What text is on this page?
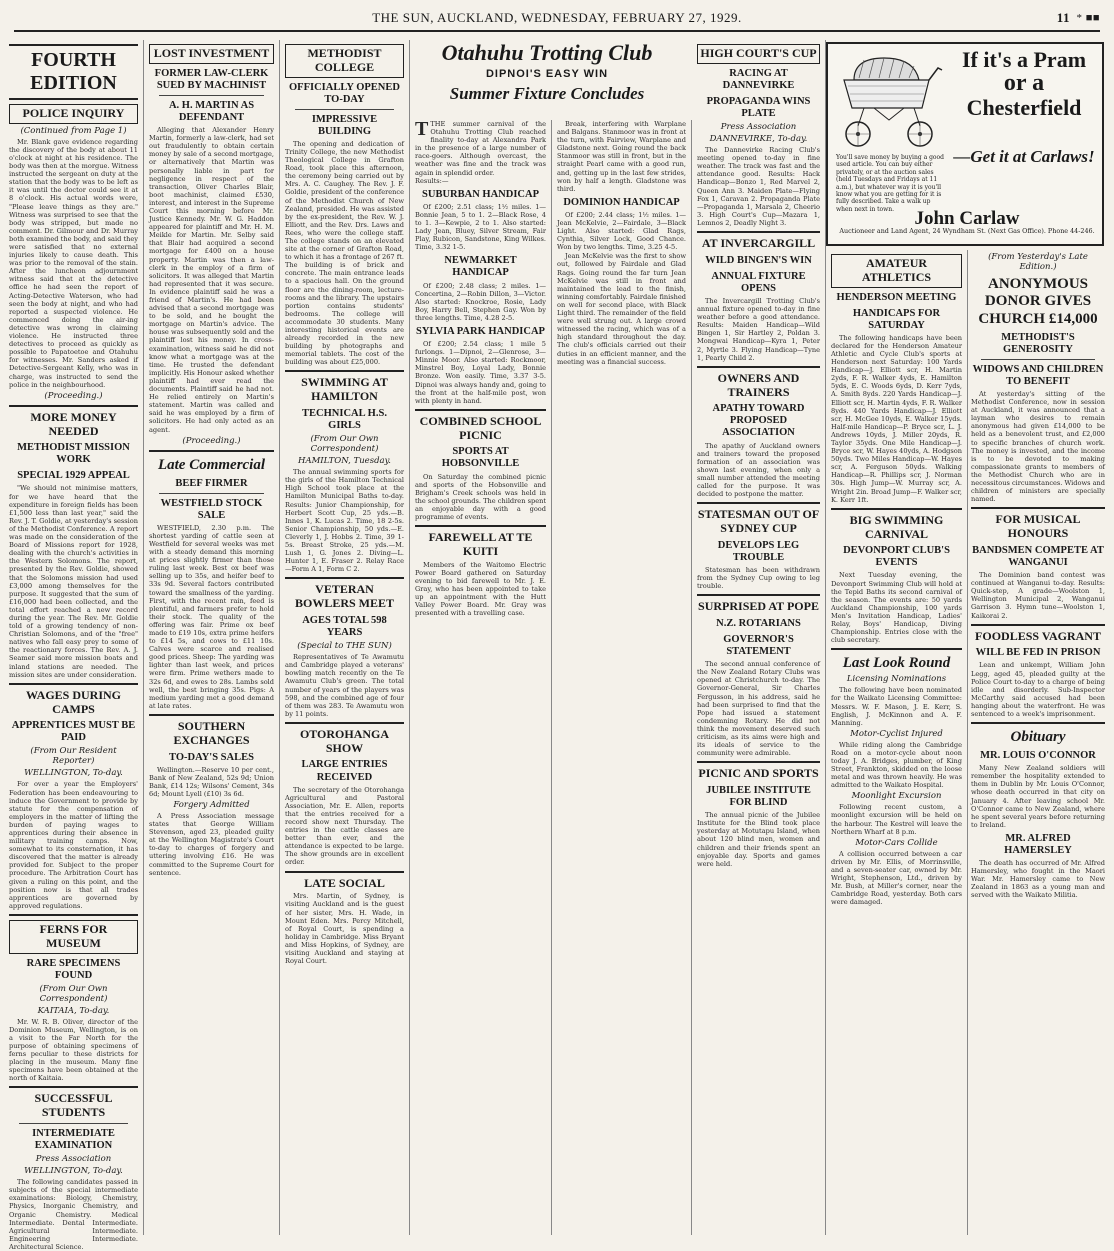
THE SUN, AUCKLAND, WEDNESDAY, FEBRUARY 27, 1929.	11 * ■■
FOURTH EDITION
POLICE INQUIRY
(Continued from Page 1)

Mr. Blank gave evidence regarding the discovery of the body at about 11 o'clock at night at his residence. The body was then at the morgue. Witness instructed the sergeant on duty at the station that the body was to be left as it was until the doctor could see it at 8 o'clock. His actual words were, "Please leave things as they are." Witness was surprised to see that the body was stripped, but made no comment. Dr. Gilmour and Dr. Murray both examined the body, and said they were satisfied that no external injuries likely to cause death. This was prior to the removal of the stain. After the luncheon adjournment witness said that at the detective office he had seen the report of Acting-Detective Waterson, who had seen the body at night, and who had reported a suspected violence. He commenced doing the air-ing detective was wrong in claiming violence. He instructed three detectives to proceed as quickly as possible to Papatoetoe and Otahuhu for witnesses. Mr. Sanders asked if Detective-Sergeant Kelly, who was in charge, was instructed to send the police in the neighbourhood.

(Proceeding.)
MORE MONEY NEEDED
METHODIST MISSION WORK
SPECIAL 1929 APPEAL

"We should not minimise matters, for we have heard that the expenditure in foreign fields has been £1,500 less than last year," said the Rev. J. T. Goldie, at yesterday's session of the Methodist Conference. A report was made on the consideration of the Board of Missions report for 1928, dealing with the church's activities in the Western Solomons. The report, presented by the Rev. Goldie, showed that the Solomons mission had used £3,000 among themselves for the purpose. It suggested that the sum of £16,000 had been collected, and the total effort reached a new record during the year. The Rev. Mr. Goldie told of a growing tendency of non-Christian Solomons, and of the "free" natives who fall easy prey to some of the reactionary forces. The Rev. A. J. Seamer said more mission boats and inland stations are needed. The mission sites are under consideration.

WAGES DURING CAMPS
APPRENTICES MUST BE PAID
(From Our Resident Reporter)
WELLINGTON, To-day.

For over a year the Employers' Federation has been endeavouring to induce the Government to provide by statute for the compensation of employers in the matter of lifting the burden of paying wages to apprentices during their absence in military training camps. Now, somewhat to its consternation, it has discovered that the matter is already provided for. Subject to the proper procedure. The Arbitration Court has given a ruling on this point, and the position now is that all trades apprentices are governed by approved regulations.

FERNS FOR MUSEUM
RARE SPECIMENS FOUND
(From Our Own Correspondent)
KAITAIA, To-day.

Mr. W. R. B. Oliver, director of the Dominion Museum, Wellington, is on a visit to the Far North for the purpose of obtaining specimens of ferns peculiar to these districts for placing in the museum. Many fine specimens have been obtained at the north of Kaitaia.

SUCCESSFUL STUDENTS
INTERMEDIATE EXAMINATION
Press Association
WELLINGTON, To-day.

The following candidates passed in subjects of the special intermediate examinations: Biology, Chemistry, Physics, Inorganic Chemistry, and Organic Chemistry. Medical Intermediate. Dental Intermediate. Agricultural Intermediate. Engineering Intermediate. Architectural Science.

LOST INVESTMENT
FORMER LAW-CLERK SUED BY MACHINIST
A. H. MARTIN AS DEFENDANT

Alleging that Alexander Henry Martin, formerly a law-clerk, had set out fraudulently to obtain certain money by sale of a second mortgage, or alternatively that Martin was personally liable in part for negligence in respect of the transaction, Oliver Charles Blair, boot machinist, claimed £530, interest, and interest in the Supreme Court this morning before Mr. Justice Kennedy. Mr. W. G. Haddon appeared for plaintiff and Mr. H. M. Meikle for Martin. Mr. Selby said that Blair had acquired a second mortgage for £400 on a house property. Martin was then a law-clerk in the employ of a firm of solicitors. It was alleged that Martin had represented that it was secure. In evidence plaintiff said he was a friend of Martin's. He had been advised that a second mortgage was to be sold, and he bought the mortgage on Martin's advice. The house was subsequently sold and the plaintiff lost his money. In cross-examination, witness said he did not know what a mortgage was at the time. He trusted the defendant implicitly. His Honour asked whether plaintiff had ever read the documents. Plaintiff said he had not. He relied entirely on Martin's statement. Martin was called and said he was employed by a firm of solicitors. He had only acted as an agent.

(Proceeding.)
Late Commercial
BEEF FIRMER
WESTFIELD STOCK SALE

WESTFIELD, 2.30 p.m. The shortest yarding of cattle seen at Westfield for several weeks was met with a steady demand this morning at prices slightly firmer than those ruling last week. Best ox beef was selling up to 35s, and heifer beef to 33s 9d. Several factors contributed toward the smallness of the yarding. First, with the recent rain, feed is plentiful, and farmers prefer to hold their stock. The quality of the offering was fair. Prime ox beef made to £19 10s, extra prime heifers to £14 5s, and cows to £11 10s. Calves were scarce and realised good prices. Sheep: The yarding was lighter than last week, and prices were firm. Prime wethers made to 32s 6d, and ewes to 28s. Lambs sold well, the best bringing 35s. Pigs: A medium yarding met a good demand at late rates.

SOUTHERN EXCHANGES
TO-DAY'S SALES

Wellington.—Reserve 10 per cent., Bank of New Zealand, 52s 9d; Union Bank, £14 12s; Wilsons' Cement, 34s 6d; Mount Lyell (£10) 3s 6d.

Forgery Admitted

A Press Association message states that George William Stevenson, aged 23, pleaded guilty at the Wellington Magistrate's Court to-day to charges of forgery and uttering involving £16. He was committed to the Supreme Court for sentence.

METHODIST COLLEGE
OFFICIALLY OPENED TO-DAY
IMPRESSIVE BUILDING

The opening and dedication of Trinity College, the new Methodist Theological College in Grafton Road, took place this afternoon, the ceremony being carried out by Mrs. A. C. Caughey. The Rev. J. F. Goldie, president of the conference of the Methodist Church of New Zealand, presided. He was assisted by the ex-president, the Rev. W. J. Elliott, and the Rev. Drs. Laws and Rees, who were the college staff. The college stands on an elevated site at the corner of Grafton Road, to which it has a frontage of 267 ft. The building is of brick and concrete. The main entrance leads to a spacious hall. On the ground floor are the dining-room, lecture-rooms and the library. The upstairs portion contains students' bedrooms. The college will accommodate 30 students. Many interesting historical events are already recorded in the new building by photographs and memorial tablets. The cost of the building was about £25,000.

SWIMMING AT HAMILTON
TECHNICAL H.S. GIRLS
(From Our Own Correspondent)
HAMILTON, Tuesday.

The annual swimming sports for the girls of the Hamilton Technical High School took place at the Hamilton Municipal Baths to-day. Results: Junior Championship, for Herbert Scott Cup, 25 yds.—B. Innes 1, K. Lucas 2. Time, 18 2-5s. Senior Championship, 50 yds.—E. Cleverly 1, J. Hobbs 2. Time, 39 1-5s. Breast Stroke, 25 yds.—M. Lush 1, G. Jones 2. Diving—L. Hunter 1, E. Fraser 2. Relay Race—Form A 1, Form C 2.

VETERAN BOWLERS MEET
AGES TOTAL 598 YEARS
(Special to THE SUN)

Representatives of Te Awamutu and Cambridge played a veterans' bowling match recently on the Te Awamutu Club's green. The total number of years of the players was 598, and the combined age of four of them was 283. Te Awamutu won by 11 points.

OTOROHANGA SHOW
LARGE ENTRIES RECEIVED

The secretary of the Otorohanga Agricultural and Pastoral Association, Mr. E. Allen, reports that the entries received for a record show next Thursday. The entries in the cattle classes are better than ever, and the attendance is expected to be large. The show grounds are in excellent order.

LATE SOCIAL

Mrs. Martin, of Sydney, is visiting Auckland and is the guest of her sister, Mrs. H. Wade, in Mount Eden. Mrs. Percy Mitchell, of Royal Court, is spending a holiday in Cambridge. Miss Bryant and Miss Hopkins, of Sydney, are visiting Auckland and staying at Royal Court.

Otahuhu Trotting Club
DIPNOI'S EASY WIN
Summer Fixture Concludes
TTHE summer carnival of the Otahuhu Trotting Club reached finality to-day at Alexandra Park in the presence of a large number of race-goers. Although overcast, the weather was fine and the track was again in splendid order.
Results:—
SUBURBAN HANDICAP

Of £200; 2.51 class; 1½ miles. 1—Bonnie Jean, 5 to 1. 2—Black Rose, 4 to 1. 3—Kewpie, 2 to 1. Also started: Lady Jean, Bluey, Silver Stream, Fair Play, Rubicon, Sandstone, King Wilkes. Time, 3.32 1-5.

NEWMARKET HANDICAP

Of £200; 2.48 class; 2 miles. 1—Concertina, 2—Robin Dillon, 3—Victor. Also started: Knockroe, Rosie, Lady Boy, Harry Bell, Stephen Gay. Won by three lengths. Time, 4.28 2-5.

SYLVIA PARK HANDICAP

Of £200; 2.54 class; 1 mile 5 furlongs. 1—Dipnoi, 2—Glenrose, 3—Minnie Moor. Also started: Rockmoor, Minstrel Boy, Loyal Lady, Bonnie Bronze. Won easily. Time, 3.37 3-5. Dipnoi was always handy and, going to the front at the half-mile post, won with plenty in hand.

COMBINED SCHOOL PICNIC
SPORTS AT HOBSONVILLE

On Saturday the combined picnic and sports of the Hobsonville and Brigham's Creek schools was held in the school grounds. The children spent an enjoyable day with a good programme of events.

FAREWELL AT TE KUITI

Members of the Waitomo Electric Power Board gathered on Saturday evening to bid farewell to Mr. J. E. Gray, who has been appointed to take up an appointment with the Hutt Valley Power Board. Mr. Gray was presented with a travelling case.

Break, interfering with Warplane and Balgans. Stanmoor was in front at the turn, with Fairview, Warplane and Gladstone next. Going round the back Stanmoor was still in front, but in the straight Pearl came with a good run, and, getting up in the last few strides, won by half a length. Gladstone was third.

DOMINION HANDICAP

Of £200; 2.44 class; 1½ miles. 1—Jean McKelvie, 2—Fairdale, 3—Black Light. Also started: Glad Rags, Cynthia, Silver Lock, Good Chance. Won by two lengths. Time, 3.25 4-5.

Jean McKelvie was the first to show out, followed by Fairdale and Glad Rags. Going round the far turn Jean McKelvie was still in front and maintained the lead to the finish, winning comfortably. Fairdale finished on well for second place, with Black Light third. The remainder of the field were well strung out. A large crowd witnessed the racing, which was of a high standard throughout the day. The club's officials carried out their duties in an efficient manner, and the meeting was a financial success.

HIGH COURT'S CUP
RACING AT DANNEVIRKE
PROPAGANDA WINS PLATE
Press Association
DANNEVIRKE, To-day.

The Dannevirke Racing Club's meeting opened to-day in fine weather. The track was fast and the attendance good. Results: Hack Handicap—Bonzo 1, Red Marvel 2, Queen Ann 3. Maiden Plate—Flying Fox 1, Caravan 2. Propaganda Plate—Propaganda 1, Marsala 2, Cheerio 3. High Court's Cup—Mazara 1, Lemnos 2, Deadly Night 3.

AT INVERCARGILL
WILD BINGEN'S WIN
ANNUAL FIXTURE OPENS

The Invercargill Trotting Club's annual fixture opened to-day in fine weather before a good attendance. Results: Maiden Handicap—Wild Bingen 1, Sir Hartley 2, Poldan 3. Mongwai Handicap—Kyra 1, Peter 2, Myrtle 3. Flying Handicap—Tyne 1, Pearly Child 2.

OWNERS AND TRAINERS
APATHY TOWARD PROPOSED ASSOCIATION

The apathy of Auckland owners and trainers toward the proposed formation of an association was shown last evening, when only a small number attended the meeting called for the purpose. It was decided to postpone the matter.

STATESMAN OUT OF SYDNEY CUP
DEVELOPS LEG TROUBLE

Statesman has been withdrawn from the Sydney Cup owing to leg trouble.

SURPRISED AT POPE
N.Z. ROTARIANS
GOVERNOR'S STATEMENT

The second annual conference of the New Zealand Rotary Clubs was opened at Christchurch to-day. The Governor-General, Sir Charles Fergusson, in his address, said he had been surprised to find that the Pope had issued a statement condemning Rotary. He did not think the movement deserved such criticism, as its aims were high and its ideals of service to the community were admirable.

PICNIC AND SPORTS
JUBILEE INSTITUTE FOR BLIND

The annual picnic of the Jubilee Institute for the Blind took place yesterday at Motutapu Island, when about 120 blind men, women and children and their friends spent an enjoyable day. Sports and games were held.

If it's a Pram
or a
Chesterfield
—Get it at Carlaws!
You'll save money by buying a good used article. You can buy either privately, or at the auction sales (held Tuesdays and Fridays at 11 a.m.), but whatever way it is you'll know what you are getting for it is fully described. Take a walk up when next in town.	John Carlaw
Auctioneer and Land Agent, 24 Wyndham St. (Next Gas Office). Phone 44-246.
AMATEUR ATHLETICS
HENDERSON MEETING
HANDICAPS FOR SATURDAY

The following handicaps have been declared for the Henderson Amateur Athletic and Cycle Club's sports at Henderson next Saturday: 100 Yards Handicap—J. Elliott scr, H. Martin 2yds, F. R. Walker 4yds, E. Hamilton 5yds, E. C. Woods 6yds, D. Kerr 7yds, A. Smith 8yds. 220 Yards Handicap—J. Elliott scr, H. Martin 4yds, F. R. Walker 8yds. 440 Yards Handicap—J. Elliott scr, H. McGee 10yds, E. Walker 15yds. Half-mile Handicap—P. Bryce scr, L. J. Andrews 10yds, J. Miller 20yds, R. Taylor 35yds. One Mile Handicap—J. Bryce scr, W. Hayes 40yds, A. Hodgson 50yds. Two Miles Handicap—W. Hayes scr, A. Ferguson 50yds. Walking Handicap—R. Phillips scr, J. Norman 30s. High Jump—W. Murray scr, A. Wright 2in. Broad Jump—F. Walker scr, K. Kerr 1ft.

BIG SWIMMING CARNIVAL
DEVONPORT CLUB'S EVENTS

Next Tuesday evening, the Devonport Swimming Club will hold at the Tepid Baths its second carnival of the season. The events are: 50 yards Auckland Championship, 100 yards Men's Invitation Handicap, Ladies' Relay, Boys' Handicap, Diving Championship. Entries close with the club secretary.

Last Look Round
Licensing Nominations

The following have been nominated for the Waikato Licensing Committee: Messrs. W. F. Mason, J. E. Kerr, S. English, J. McKinnon and A. F. Manning.

Motor-Cyclist Injured

While riding along the Cambridge Road on a motor-cycle about noon today J. A. Bridges, plumber, of King Street, Frankton, skidded on the loose metal and was thrown heavily. He was admitted to the Waikato Hospital.

Moonlight Excursion

Following recent custom, a moonlight excursion will be held on the harbour. The Kestrel will leave the Northern Wharf at 8 p.m.

Motor-Cars Collide

A collision occurred between a car driven by Mr. Ellis, of Morrinsville, and a seven-seater car, owned by Mr. Wright, Stephenson, Ltd., driven by Mr. Bush, at Miller's corner, near the Cambridge Road, yesterday. Both cars were damaged.

(From Yesterday's Late Edition.)
ANONYMOUS DONOR GIVES CHURCH £14,000
METHODIST'S GENEROSITY
WIDOWS AND CHILDREN TO BENEFIT

At yesterday's sitting of the Methodist Conference, now in session at Auckland, it was announced that a layman who desires to remain anonymous had given £14,000 to be held as a benevolent trust, and £2,000 to specific branches of church work. The money is invested, and the income is to be devoted to making compassionate grants to members of the Methodist Church who are in necessitous circumstances. Widows and children of ministers are specially named.

FOR MUSICAL HONOURS
BANDSMEN COMPETE AT WANGANUI

The Dominion band contest was continued at Wanganui to-day. Results: Quick-step, A grade—Woolston 1, Wellington Municipal 2, Wanganui Garrison 3. Hymn tune—Woolston 1, Kaikorai 2.

FOODLESS VAGRANT
WILL BE FED IN PRISON

Lean and unkempt, William John Legg, aged 45, pleaded guilty at the Police Court to-day to a charge of being idle and disorderly. Sub-Inspector McCarthy said accused had been hanging about the waterfront. He was sentenced to a week's imprisonment.

Obituary
MR. LOUIS O'CONNOR

Many New Zealand soldiers will remember the hospitality extended to them in Dublin by Mr. Louis O'Connor, whose death occurred in that city on January 4. After leaving school Mr. O'Connor came to New Zealand, where he spent several years before returning to Ireland.

MR. ALFRED HAMERSLEY

The death has occurred of Mr. Alfred Hamersley, who fought in the Maori War. Mr. Hamersley came to New Zealand in 1863 as a young man and served with the Waikato Militia.
